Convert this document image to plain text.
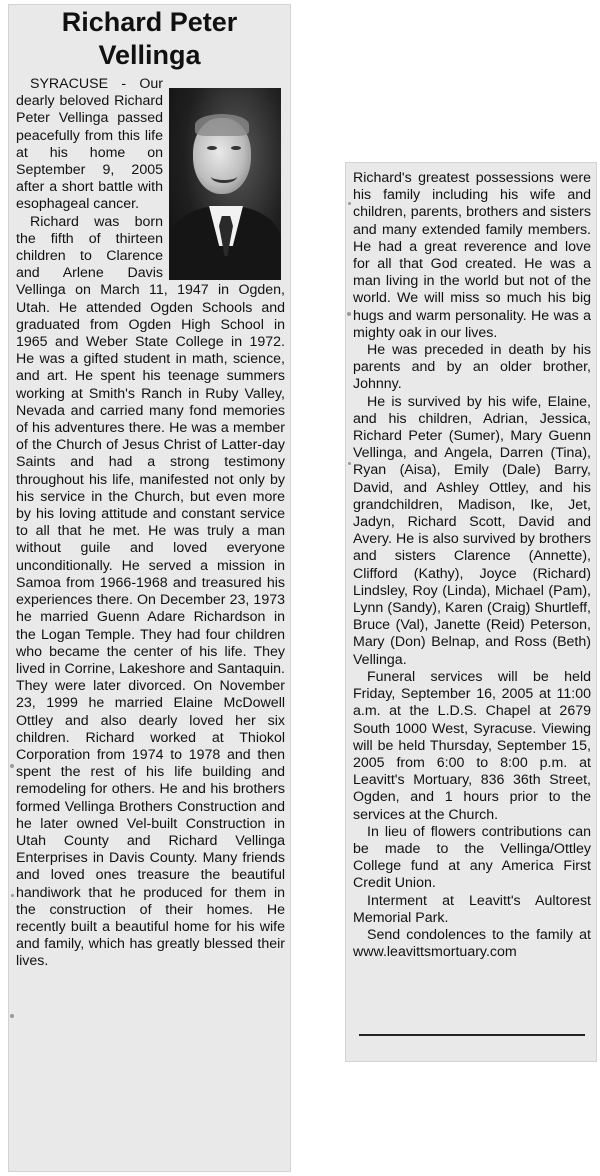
Richard Peter
Vellinga

SYRACUSE - Our dearly beloved Richard Peter Vellinga passed peacefully from this life at his home on September 9, 2005 after a short battle with esophageal cancer.

Richard was born the fifth of thirteen children to Clarence and Arlene Davis Vellinga on March 11, 1947 in Ogden, Utah. He attended Ogden Schools and graduated from Ogden High School in 1965 and Weber State College in 1972. He was a gifted student in math, science, and art. He spent his teenage summers working at Smith's Ranch in Ruby Valley, Nevada and carried many fond memories of his adventures there. He was a member of the Church of Jesus Christ of Latter-day Saints and had a strong testimony throughout his life, manifested not only by his service in the Church, but even more by his loving attitude and constant service to all that he met. He was truly a man without guile and loved everyone unconditionally. He served a mission in Samoa from 1966-1968 and treasured his experiences there. On December 23, 1973 he married Guenn Adare Richardson in the Logan Temple. They had four children who became the center of his life. They lived in Corrine, Lakeshore and Santaquin. They were later divorced. On November 23, 1999 he married Elaine McDowell Ottley and also dearly loved her six children. Richard worked at Thiokol Corporation from 1974 to 1978 and then spent the rest of his life building and remodeling for others. He and his brothers formed Vellinga Brothers Construction and he later owned Vel-built Construction in Utah County and Richard Vellinga Enterprises in Davis County. Many friends and loved ones treasure the beautiful handiwork that he produced for them in the construction of their homes. He recently built a beautiful home for his wife and family, which has greatly blessed their lives.

Richard's greatest possessions were his family including his wife and children, parents, brothers and sisters and many extended family members. He had a great reverence and love for all that God created. He was a man living in the world but not of the world. We will miss so much his big hugs and warm personality. He was a mighty oak in our lives.

He was preceded in death by his parents and by an older brother, Johnny.

He is survived by his wife, Elaine, and his children, Adrian, Jessica, Richard Peter (Sumer), Mary Guenn Vellinga, and Angela, Darren (Tina), Ryan (Aisa), Emily (Dale) Barry, David, and Ashley Ottley, and his grandchildren, Madison, Ike, Jet, Jadyn, Richard Scott, David and Avery. He is also survived by brothers and sisters Clarence (Annette), Clifford (Kathy), Joyce (Richard) Lindsley, Roy (Linda), Michael (Pam), Lynn (Sandy), Karen (Craig) Shurtleff, Bruce (Val), Janette (Reid) Peterson, Mary (Don) Belnap, and Ross (Beth) Vellinga.

Funeral services will be held Friday, September 16, 2005 at 11:00 a.m. at the L.D.S. Chapel at 2679 South 1000 West, Syracuse. Viewing will be held Thursday, September 15, 2005 from 6:00 to 8:00 p.m. at Leavitt's Mortuary, 836 36th Street, Ogden, and 1 hours prior to the services at the Church.

In lieu of flowers contributions can be made to the Vellinga/Ottley College fund at any America First Credit Union.

Interment at Leavitt's Aultorest Memorial Park.

Send condolences to the family at www.leavittsmortuary.com
